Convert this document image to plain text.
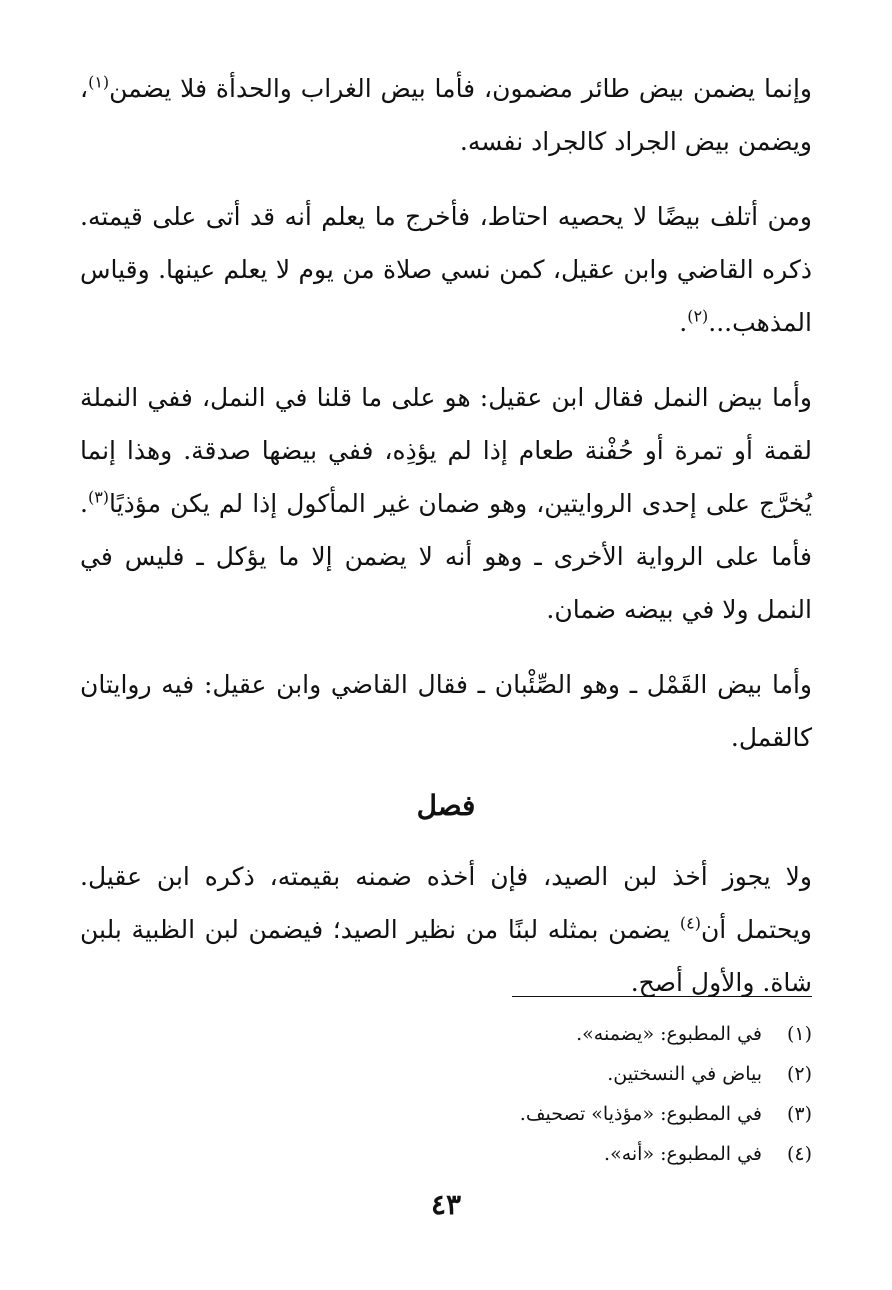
وإنما يضمن بيض طائر مضمون، فأما بيض الغراب والحدأة فلا يضمن$^{(١)}$، ويضمن بيض الجراد كالجراد نفسه.

ومن أتلف بيضًا لا يحصيه احتاط، فأخرج ما يعلم أنه قد أتى على قيمته. ذكره القاضي وابن عقيل، كمن نسي صلاة من يوم لا يعلم عينها. وقياس المذهب...$^{(٢)}$.

وأما بيض النمل فقال ابن عقيل: هو على ما قلنا في النمل، ففي النملة لقمة أو تمرة أو حُفْنة طعام إذا لم يؤذِه، ففي بيضها صدقة. وهذا إنما يُخرَّج على إحدى الروايتين، وهو ضمان غير المأكول إذا لم يكن مؤذيًا$^{(٣)}$. فأما على الرواية الأخرى ـ وهو أنه لا يضمن إلا ما يؤكل ـ فليس في النمل ولا في بيضه ضمان.

وأما بيض القَمْل ـ وهو الصِّئْبان ـ فقال القاضي وابن عقيل: فيه روايتان كالقمل.

فصل

ولا يجوز أخذ لبن الصيد، فإن أخذه ضمنه بقيمته، ذكره ابن عقيل. ويحتمل أن$^{(٤)}$ يضمن بمثله لبنًا من نظير الصيد؛ فيضمن لبن الظبية بلبن شاة. والأول أصح.

(١)
في المطبوع: «يضمنه».
(٢)
بياض في النسختين.
(٣)
في المطبوع: «مؤذيا» تصحيف.
(٤)
في المطبوع: «أنه».
٤٣
